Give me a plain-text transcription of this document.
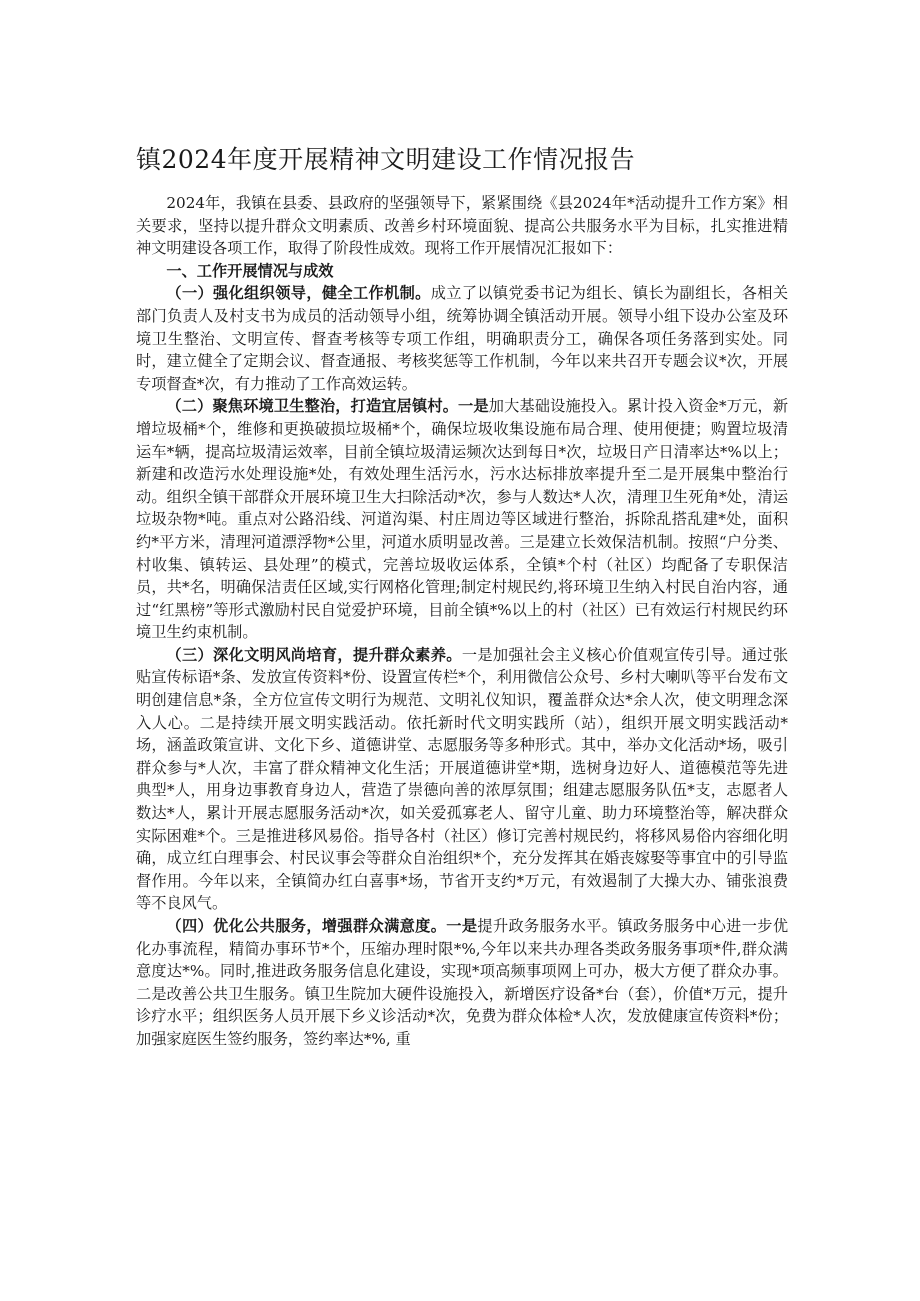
镇2024年度开展精神文明建设工作情况报告

2024年，我镇在县委、县政府的坚强领导下，紧紧围绕《县2024年*活动提升工作方案》相关要求，坚持以提升群众文明素质、改善乡村环境面貌、提高公共服务水平为目标，扎实推进精神文明建设各项工作，取得了阶段性成效。现将工作开展情况汇报如下：

一、工作开展情况与成效

（一）强化组织领导，健全工作机制。成立了以镇党委书记为组长、镇长为副组长，各相关部门负责人及村支书为成员的活动领导小组，统筹协调全镇活动开展。领导小组下设办公室及环境卫生整治、文明宣传、督查考核等专项工作组，明确职责分工，确保各项任务落到实处。同时，建立健全了定期会议、督查通报、考核奖惩等工作机制，今年以来共召开专题会议*次，开展专项督查*次，有力推动了工作高效运转。

（二）聚焦环境卫生整治，打造宜居镇村。一是加大基础设施投入。累计投入资金*万元，新增垃圾桶*个，维修和更换破损垃圾桶*个，确保垃圾收集设施布局合理、使用便捷；购置垃圾清运车*辆，提高垃圾清运效率，目前全镇垃圾清运频次达到每日*次，垃圾日产日清率达*%以上；新建和改造污水处理设施*处，有效处理生活污水，污水达标排放率提升至二是开展集中整治行动。组织全镇干部群众开展环境卫生大扫除活动*次，参与人数达*人次，清理卫生死角*处，清运垃圾杂物*吨。重点对公路沿线、河道沟渠、村庄周边等区域进行整治，拆除乱搭乱建*处，面积约*平方米，清理河道漂浮物*公里，河道水质明显改善。三是建立长效保洁机制。按照“户分类、村收集、镇转运、县处理”的模式，完善垃圾收运体系，全镇*个村（社区）均配备了专职保洁员，共*名，明确保洁责任区域,实行网格化管理;制定村规民约,将环境卫生纳入村民自治内容，通过“红黑榜”等形式激励村民自觉爱护环境，目前全镇*%以上的村（社区）已有效运行村规民约环境卫生约束机制。

（三）深化文明风尚培育，提升群众素养。一是加强社会主义核心价值观宣传引导。通过张贴宣传标语*条、发放宣传资料*份、设置宣传栏*个，利用微信公众号、乡村大喇叭等平台发布文明创建信息*条，全方位宣传文明行为规范、文明礼仪知识，覆盖群众达*余人次，使文明理念深入人心。二是持续开展文明实践活动。依托新时代文明实践所（站），组织开展文明实践活动*场，涵盖政策宣讲、文化下乡、道德讲堂、志愿服务等多种形式。其中，举办文化活动*场，吸引群众参与*人次，丰富了群众精神文化生活；开展道德讲堂*期，选树身边好人、道德模范等先进典型*人，用身边事教育身边人，营造了崇德向善的浓厚氛围；组建志愿服务队伍*支，志愿者人数达*人，累计开展志愿服务活动*次，如关爱孤寡老人、留守儿童、助力环境整治等，解决群众实际困难*个。三是推进移风易俗。指导各村（社区）修订完善村规民约，将移风易俗内容细化明确，成立红白理事会、村民议事会等群众自治组织*个，充分发挥其在婚丧嫁娶等事宜中的引导监督作用。今年以来，全镇简办红白喜事*场，节省开支约*万元，有效遏制了大操大办、铺张浪费等不良风气。

（四）优化公共服务，增强群众满意度。一是提升政务服务水平。镇政务服务中心进一步优化办事流程，精简办事环节*个，压缩办理时限*%,今年以来共办理各类政务服务事项*件,群众满意度达*%。同时,推进政务服务信息化建设，实现*项高频事项网上可办，极大方便了群众办事。二是改善公共卫生服务。镇卫生院加大硬件设施投入，新增医疗设备*台（套），价值*万元，提升诊疗水平；组织医务人员开展下乡义诊活动*次，免费为群众体检*人次，发放健康宣传资料*份；加强家庭医生签约服务，签约率达*%, 重
